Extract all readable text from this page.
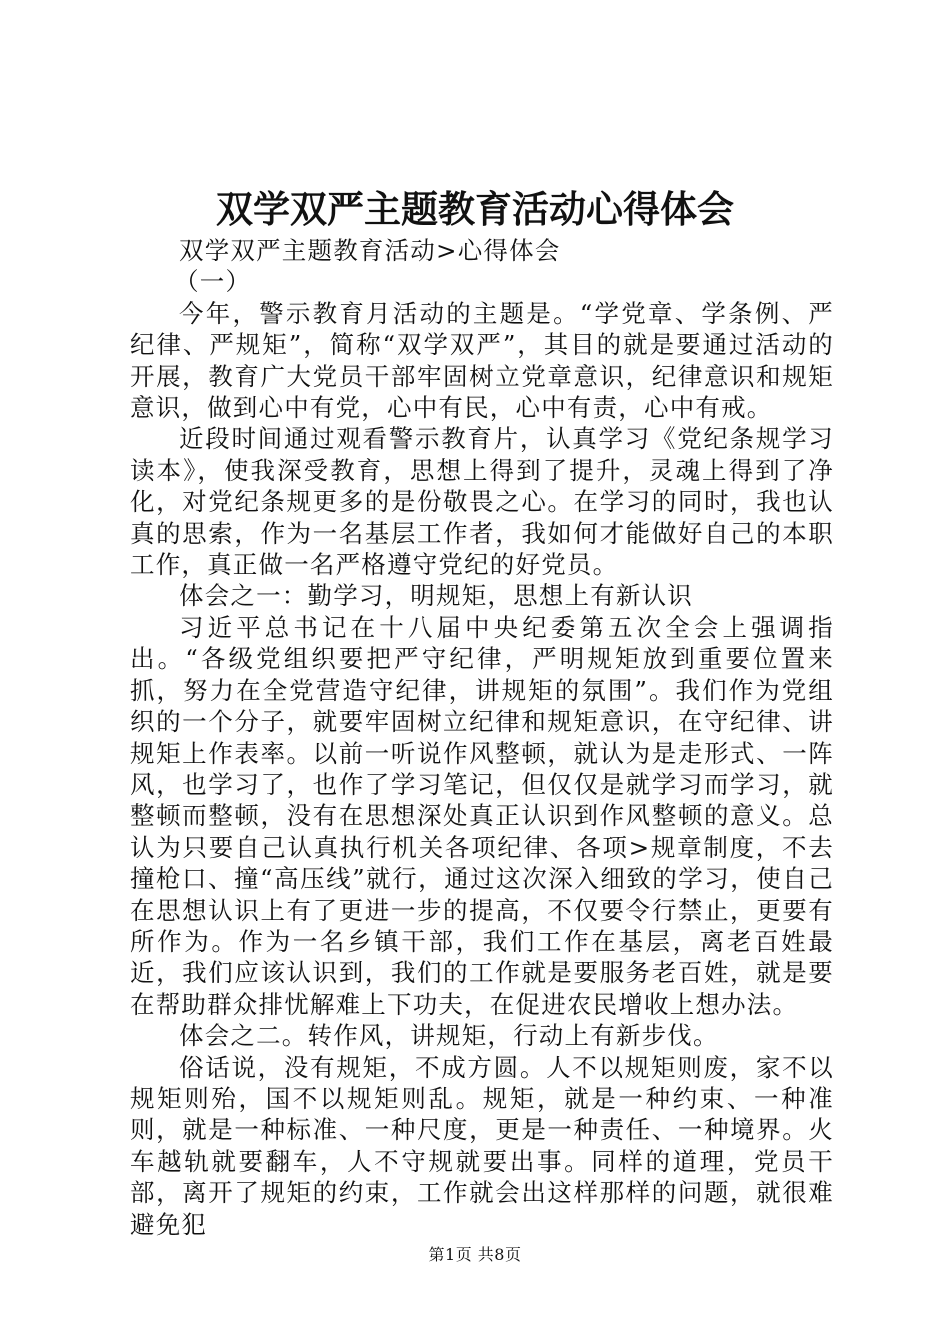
双学双严主题教育活动心得体会

双学双严主题教育活动>心得体会

（一）

今年，警示教育月活动的主题是。“学党章、学条例、严纪律、严规矩”，简称“双学双严”，其目的就是要通过活动的开展，教育广大党员干部牢固树立党章意识，纪律意识和规矩意识，做到心中有党，心中有民，心中有责，心中有戒。

近段时间通过观看警示教育片，认真学习《党纪条规学习读本》，使我深受教育，思想上得到了提升，灵魂上得到了净化，对党纪条规更多的是份敬畏之心。在学习的同时，我也认真的思索，作为一名基层工作者，我如何才能做好自己的本职工作，真正做一名严格遵守党纪的好党员。

体会之一：勤学习，明规矩，思想上有新认识

习近平总书记在十八届中央纪委第五次全会上强调指出。“各级党组织要把严守纪律，严明规矩放到重要位置来抓，努力在全党营造守纪律，讲规矩的氛围”。我们作为党组织的一个分子，就要牢固树立纪律和规矩意识，在守纪律、讲规矩上作表率。以前一听说作风整顿，就认为是走形式、一阵风，也学习了，也作了学习笔记，但仅仅是就学习而学习，就整顿而整顿，没有在思想深处真正认识到作风整顿的意义。总认为只要自己认真执行机关各项纪律、各项>规章制度，不去撞枪口、撞“高压线”就行，通过这次深入细致的学习，使自己在思想认识上有了更进一步的提高，不仅要令行禁止，更要有所作为。作为一名乡镇干部，我们工作在基层，离老百姓最近，我们应该认识到，我们的工作就是要服务老百姓，就是要在帮助群众排忧解难上下功夫，在促进农民增收上想办法。

体会之二。转作风，讲规矩，行动上有新步伐。

俗话说，没有规矩，不成方圆。人不以规矩则废，家不以规矩则殆，国不以规矩则乱。规矩，就是一种约束、一种准则，就是一种标准、一种尺度，更是一种责任、一种境界。火车越轨就要翻车，人不守规就要出事。同样的道理，党员干部，离开了规矩的约束，工作就会出这样那样的问题，就很难避免犯

第1页 共8页
